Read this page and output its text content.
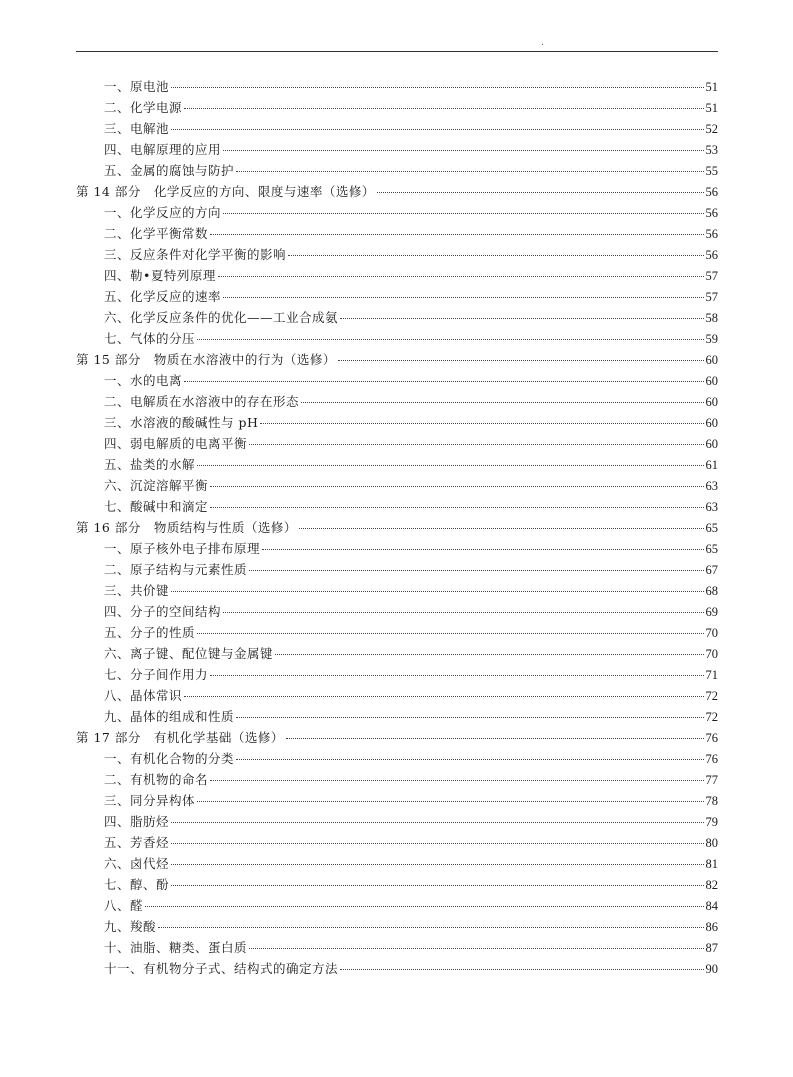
.
一、原电池	51
二、化学电源	51
三、电解池	52
四、电解原理的应用	53
五、金属的腐蚀与防护	55
第 14 部分　化学反应的方向、限度与速率（选修）	56
一、化学反应的方向	56
二、化学平衡常数	56
三、反应条件对化学平衡的影响	56
四、勒•夏特列原理	57
五、化学反应的速率	57
六、化学反应条件的优化——工业合成氨	58
七、气体的分压	59
第 15 部分　物质在水溶液中的行为（选修）	60
一、水的电离	60
二、电解质在水溶液中的存在形态	60
三、水溶液的酸碱性与 pH	60
四、弱电解质的电离平衡	60
五、盐类的水解	61
六、沉淀溶解平衡	63
七、酸碱中和滴定	63
第 16 部分　物质结构与性质（选修）	65
一、原子核外电子排布原理	65
二、原子结构与元素性质	67
三、共价键	68
四、分子的空间结构	69
五、分子的性质	70
六、离子键、配位键与金属键	70
七、分子间作用力	71
八、晶体常识	72
九、晶体的组成和性质	72
第 17 部分　有机化学基础（选修）	76
一、有机化合物的分类	76
二、有机物的命名	77
三、同分异构体	78
四、脂肪烃	79
五、芳香烃	80
六、卤代烃	81
七、醇、酚	82
八、醛	84
九、羧酸	86
十、油脂、糖类、蛋白质	87
十一、有机物分子式、结构式的确定方法	90
